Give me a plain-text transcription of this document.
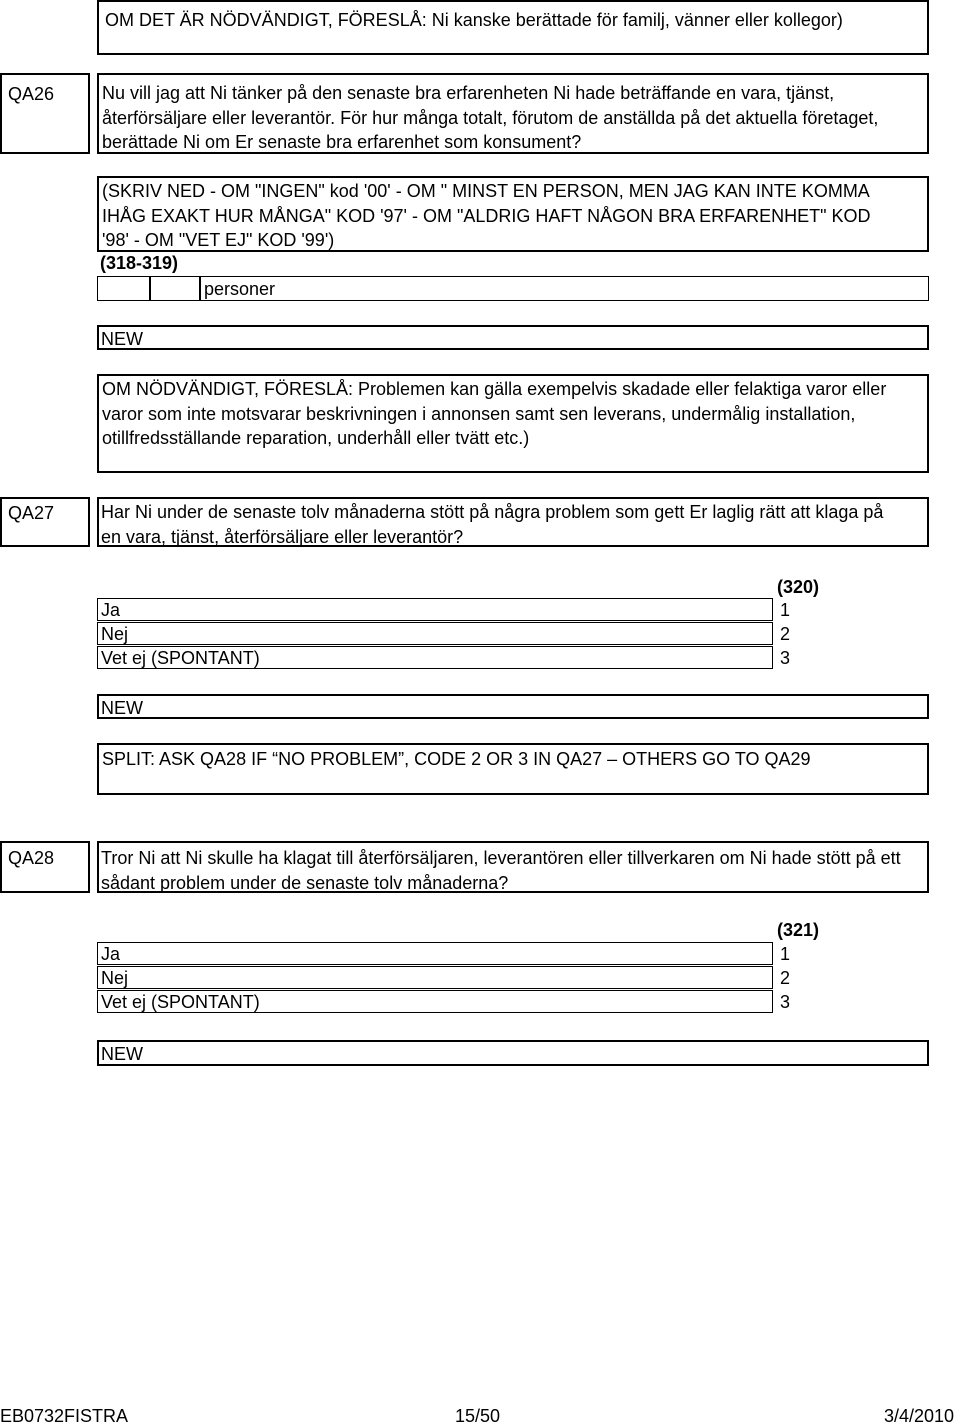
OM DET ÄR NÖDVÄNDIGT, FÖRESLÅ: Ni kanske berättade för familj, vänner eller kollegor)
QA26	Nu vill jag att Ni tänker på den senaste bra erfarenheten Ni hade beträffande en vara, tjänst, återförsäljare eller leverantör. För hur många totalt, förutom de anställda på det aktuella företaget, berättade Ni om Er senaste bra erfarenhet som konsument?
(SKRIV NED - OM "INGEN" kod '00' - OM " MINST EN PERSON, MEN JAG KAN INTE KOMMA IHÅG EXAKT HUR MÅNGA" KOD '97' - OM "ALDRIG HAFT NÅGON BRA ERFARENHET" KOD '98' - OM "VET EJ" KOD '99')
(318-319)
personer
NEW
OM NÖDVÄNDIGT, FÖRESLÅ: Problemen kan gälla exempelvis skadade eller felaktiga varor eller varor som inte motsvarar beskrivningen i annonsen samt sen leverans, undermålig installation, otillfredsställande reparation, underhåll eller tvätt etc.)
QA27	Har Ni under de senaste tolv månaderna stött på några problem som gett Er laglig rätt att klaga på en vara, tjänst, återförsäljare eller leverantör?
(320)
Ja	1
Nej	2
Vet ej (SPONTANT)	3
NEW
SPLIT: ASK QA28 IF “NO PROBLEM”, CODE 2 OR 3 IN QA27 – OTHERS GO TO QA29
QA28	Tror Ni att Ni skulle ha klagat till återförsäljaren, leverantören eller tillverkaren om Ni hade stött på ett sådant problem under de senaste tolv månaderna?
(321)
Ja	1
Nej	2
Vet ej (SPONTANT)	3
NEW
EB0732FISTRA	15/50	3/4/2010
